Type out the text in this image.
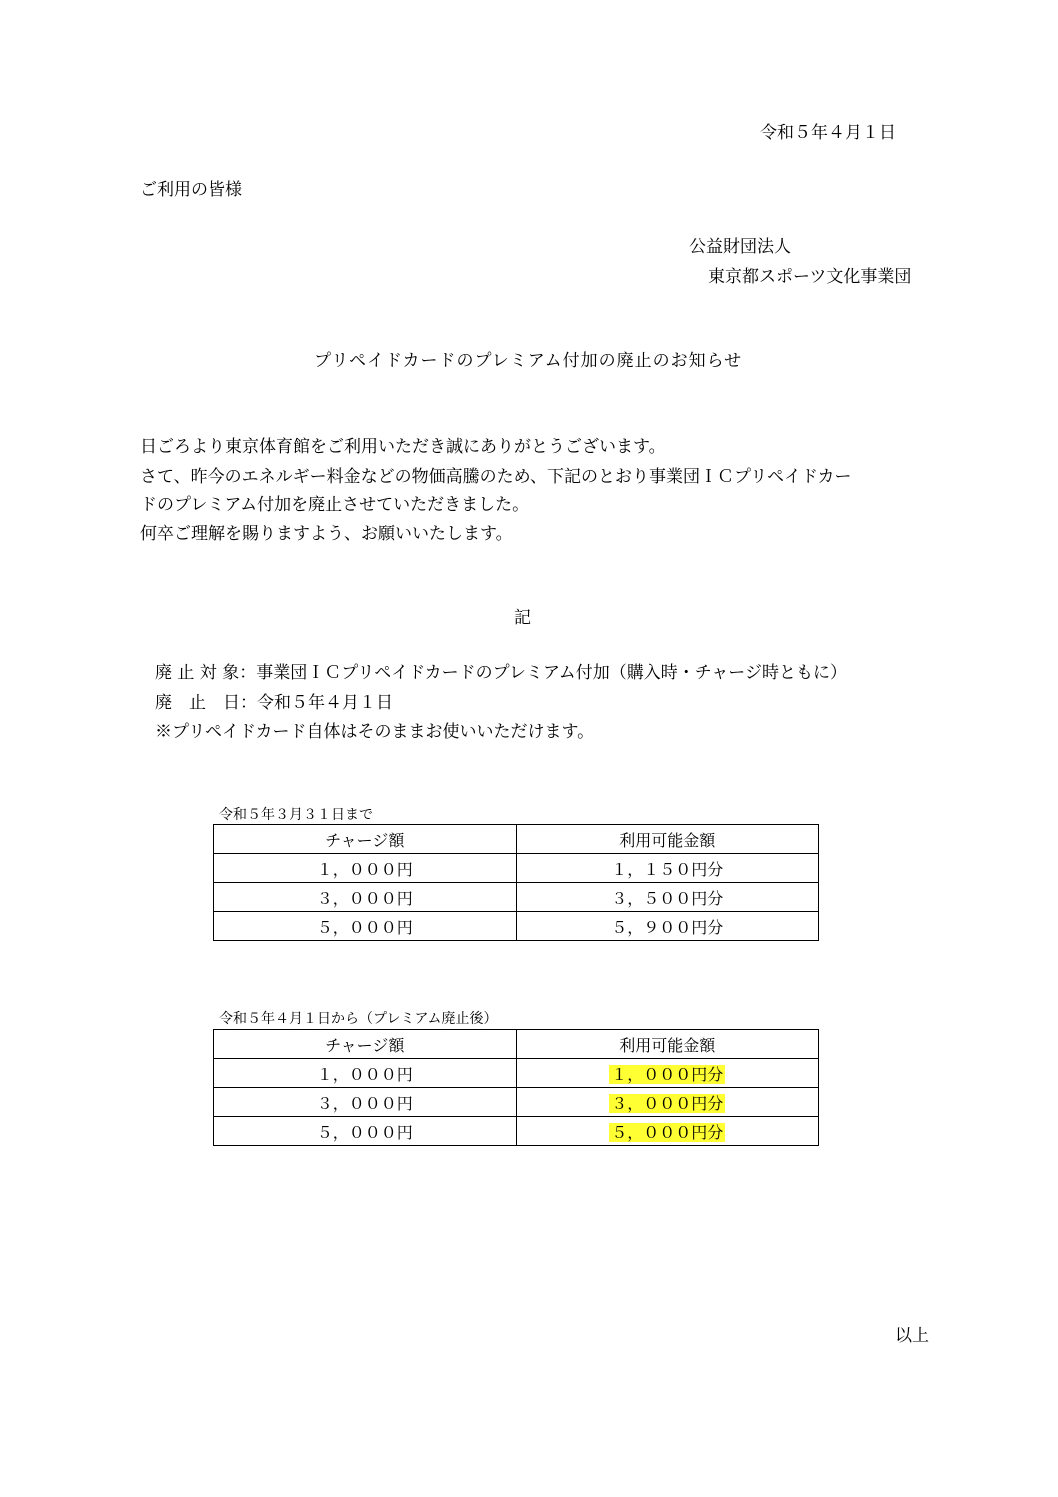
令和５年４月１日
ご利用の皆様
公益財団法人
東京都スポーツ文化事業団
プリペイドカードのプレミアム付加の廃止のお知らせ
日ごろより東京体育館をご利用いただき誠にありがとうございます。
さて、昨今のエネルギー料金などの物価高騰のため、下記のとおり事業団ＩＣプリペイドカー
ドのプレミアム付加を廃止させていただきました。
何卒ご理解を賜りますよう、お願いいたします。
記
廃 止 対 象：事業団ＩＣプリペイドカードのプレミアム付加（購入時・チャージ時ともに）
廃　止　日：令和５年４月１日
※プリペイドカード自体はそのままお使いいただけます。
令和５年３月３１日まで
チャージ額	利用可能金額
１，０００円	１，１５０円分
３，０００円	３，５００円分
５，０００円	５，９００円分
令和５年４月１日から（プレミアム廃止後）
チャージ額	利用可能金額
１，０００円	１，０００円分
３，０００円	３，０００円分
５，０００円	５，０００円分
以上
